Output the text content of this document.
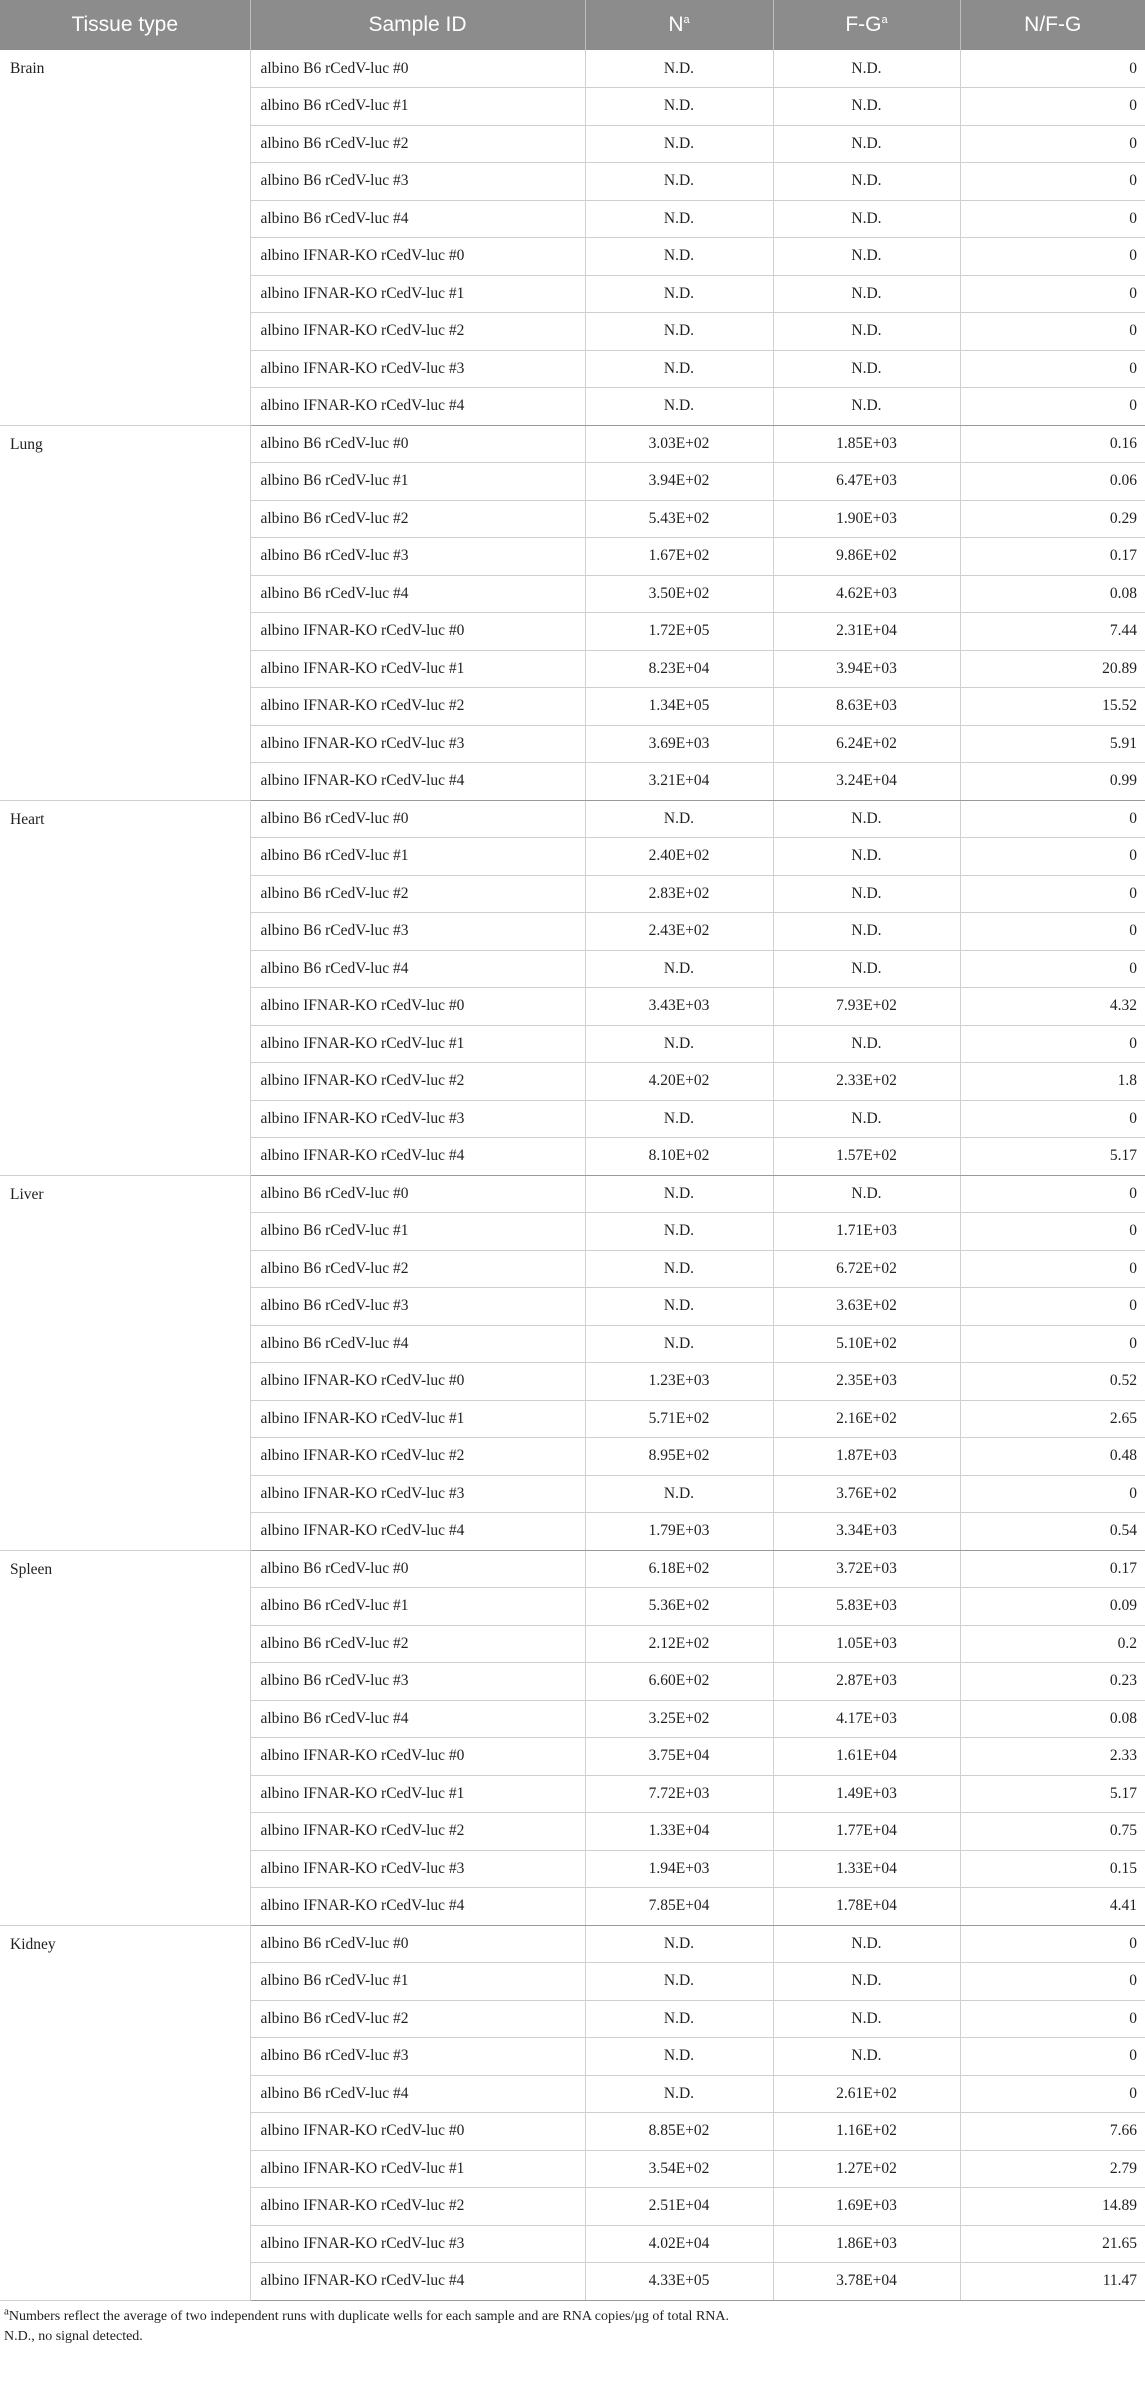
Tissue type	Sample ID	$N^a$	$F-G^a$	N/F-G
Brain	albino B6 rCedV-luc #0	N.D.	N.D.	0
	albino B6 rCedV-luc #1	N.D.	N.D.	0
	albino B6 rCedV-luc #2	N.D.	N.D.	0
	albino B6 rCedV-luc #3	N.D.	N.D.	0
	albino B6 rCedV-luc #4	N.D.	N.D.	0
	albino IFNAR-KO rCedV-luc #0	N.D.	N.D.	0
	albino IFNAR-KO rCedV-luc #1	N.D.	N.D.	0
	albino IFNAR-KO rCedV-luc #2	N.D.	N.D.	0
	albino IFNAR-KO rCedV-luc #3	N.D.	N.D.	0
	albino IFNAR-KO rCedV-luc #4	N.D.	N.D.	0
Lung	albino B6 rCedV-luc #0	3.03E+02	1.85E+03	0.16
	albino B6 rCedV-luc #1	3.94E+02	6.47E+03	0.06
	albino B6 rCedV-luc #2	5.43E+02	1.90E+03	0.29
	albino B6 rCedV-luc #3	1.67E+02	9.86E+02	0.17
	albino B6 rCedV-luc #4	3.50E+02	4.62E+03	0.08
	albino IFNAR-KO rCedV-luc #0	1.72E+05	2.31E+04	7.44
	albino IFNAR-KO rCedV-luc #1	8.23E+04	3.94E+03	20.89
	albino IFNAR-KO rCedV-luc #2	1.34E+05	8.63E+03	15.52
	albino IFNAR-KO rCedV-luc #3	3.69E+03	6.24E+02	5.91
	albino IFNAR-KO rCedV-luc #4	3.21E+04	3.24E+04	0.99
Heart	albino B6 rCedV-luc #0	N.D.	N.D.	0
	albino B6 rCedV-luc #1	2.40E+02	N.D.	0
	albino B6 rCedV-luc #2	2.83E+02	N.D.	0
	albino B6 rCedV-luc #3	2.43E+02	N.D.	0
	albino B6 rCedV-luc #4	N.D.	N.D.	0
	albino IFNAR-KO rCedV-luc #0	3.43E+03	7.93E+02	4.32
	albino IFNAR-KO rCedV-luc #1	N.D.	N.D.	0
	albino IFNAR-KO rCedV-luc #2	4.20E+02	2.33E+02	1.8
	albino IFNAR-KO rCedV-luc #3	N.D.	N.D.	0
	albino IFNAR-KO rCedV-luc #4	8.10E+02	1.57E+02	5.17
Liver	albino B6 rCedV-luc #0	N.D.	N.D.	0
	albino B6 rCedV-luc #1	N.D.	1.71E+03	0
	albino B6 rCedV-luc #2	N.D.	6.72E+02	0
	albino B6 rCedV-luc #3	N.D.	3.63E+02	0
	albino B6 rCedV-luc #4	N.D.	5.10E+02	0
	albino IFNAR-KO rCedV-luc #0	1.23E+03	2.35E+03	0.52
	albino IFNAR-KO rCedV-luc #1	5.71E+02	2.16E+02	2.65
	albino IFNAR-KO rCedV-luc #2	8.95E+02	1.87E+03	0.48
	albino IFNAR-KO rCedV-luc #3	N.D.	3.76E+02	0
	albino IFNAR-KO rCedV-luc #4	1.79E+03	3.34E+03	0.54
Spleen	albino B6 rCedV-luc #0	6.18E+02	3.72E+03	0.17
	albino B6 rCedV-luc #1	5.36E+02	5.83E+03	0.09
	albino B6 rCedV-luc #2	2.12E+02	1.05E+03	0.2
	albino B6 rCedV-luc #3	6.60E+02	2.87E+03	0.23
	albino B6 rCedV-luc #4	3.25E+02	4.17E+03	0.08
	albino IFNAR-KO rCedV-luc #0	3.75E+04	1.61E+04	2.33
	albino IFNAR-KO rCedV-luc #1	7.72E+03	1.49E+03	5.17
	albino IFNAR-KO rCedV-luc #2	1.33E+04	1.77E+04	0.75
	albino IFNAR-KO rCedV-luc #3	1.94E+03	1.33E+04	0.15
	albino IFNAR-KO rCedV-luc #4	7.85E+04	1.78E+04	4.41
Kidney	albino B6 rCedV-luc #0	N.D.	N.D.	0
	albino B6 rCedV-luc #1	N.D.	N.D.	0
	albino B6 rCedV-luc #2	N.D.	N.D.	0
	albino B6 rCedV-luc #3	N.D.	N.D.	0
	albino B6 rCedV-luc #4	N.D.	2.61E+02	0
	albino IFNAR-KO rCedV-luc #0	8.85E+02	1.16E+02	7.66
	albino IFNAR-KO rCedV-luc #1	3.54E+02	1.27E+02	2.79
	albino IFNAR-KO rCedV-luc #2	2.51E+04	1.69E+03	14.89
	albino IFNAR-KO rCedV-luc #3	4.02E+04	1.86E+03	21.65
	albino IFNAR-KO rCedV-luc #4	4.33E+05	3.78E+04	11.47
$^a$Numbers reflect the average of two independent runs with duplicate wells for each sample and are RNA copies/μg of total RNA.
N.D., no signal detected.
